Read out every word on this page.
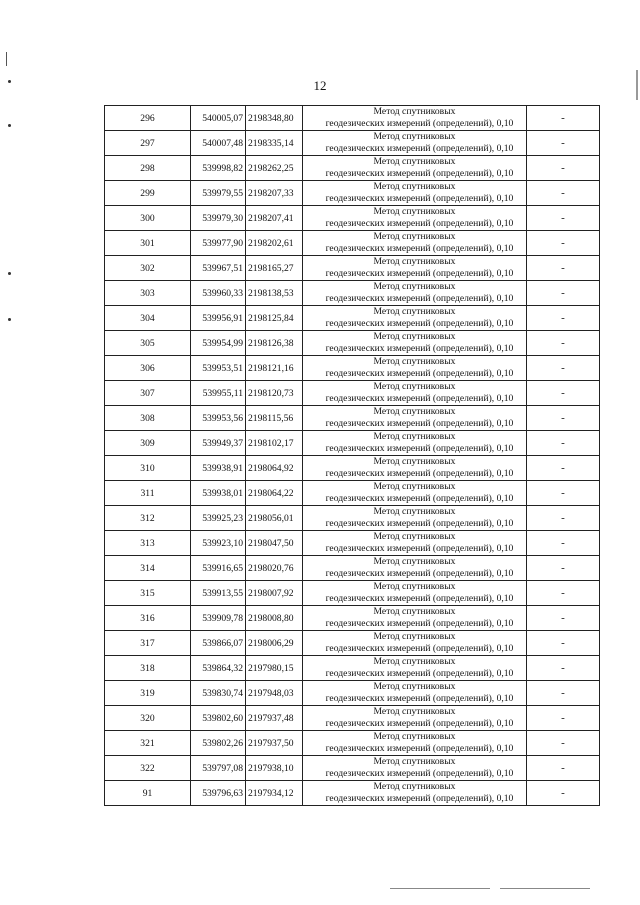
12
296	540005,07	2198348,80	Метод спутниковых
геодезических измерений (определений), 0,10	-
297	540007,48	2198335,14	Метод спутниковых
геодезических измерений (определений), 0,10	-
298	539998,82	2198262,25	Метод спутниковых
геодезических измерений (определений), 0,10	-
299	539979,55	2198207,33	Метод спутниковых
геодезических измерений (определений), 0,10	-
300	539979,30	2198207,41	Метод спутниковых
геодезических измерений (определений), 0,10	-
301	539977,90	2198202,61	Метод спутниковых
геодезических измерений (определений), 0,10	-
302	539967,51	2198165,27	Метод спутниковых
геодезических измерений (определений), 0,10	-
303	539960,33	2198138,53	Метод спутниковых
геодезических измерений (определений), 0,10	-
304	539956,91	2198125,84	Метод спутниковых
геодезических измерений (определений), 0,10	-
305	539954,99	2198126,38	Метод спутниковых
геодезических измерений (определений), 0,10	-
306	539953,51	2198121,16	Метод спутниковых
геодезических измерений (определений), 0,10	-
307	539955,11	2198120,73	Метод спутниковых
геодезических измерений (определений), 0,10	-
308	539953,56	2198115,56	Метод спутниковых
геодезических измерений (определений), 0,10	-
309	539949,37	2198102,17	Метод спутниковых
геодезических измерений (определений), 0,10	-
310	539938,91	2198064,92	Метод спутниковых
геодезических измерений (определений), 0,10	-
311	539938,01	2198064,22	Метод спутниковых
геодезических измерений (определений), 0,10	-
312	539925,23	2198056,01	Метод спутниковых
геодезических измерений (определений), 0,10	-
313	539923,10	2198047,50	Метод спутниковых
геодезических измерений (определений), 0,10	-
314	539916,65	2198020,76	Метод спутниковых
геодезических измерений (определений), 0,10	-
315	539913,55	2198007,92	Метод спутниковых
геодезических измерений (определений), 0,10	-
316	539909,78	2198008,80	Метод спутниковых
геодезических измерений (определений), 0,10	-
317	539866,07	2198006,29	Метод спутниковых
геодезических измерений (определений), 0,10	-
318	539864,32	2197980,15	Метод спутниковых
геодезических измерений (определений), 0,10	-
319	539830,74	2197948,03	Метод спутниковых
геодезических измерений (определений), 0,10	-
320	539802,60	2197937,48	Метод спутниковых
геодезических измерений (определений), 0,10	-
321	539802,26	2197937,50	Метод спутниковых
геодезических измерений (определений), 0,10	-
322	539797,08	2197938,10	Метод спутниковых
геодезических измерений (определений), 0,10	-
91	539796,63	2197934,12	Метод спутниковых
геодезических измерений (определений), 0,10	-
